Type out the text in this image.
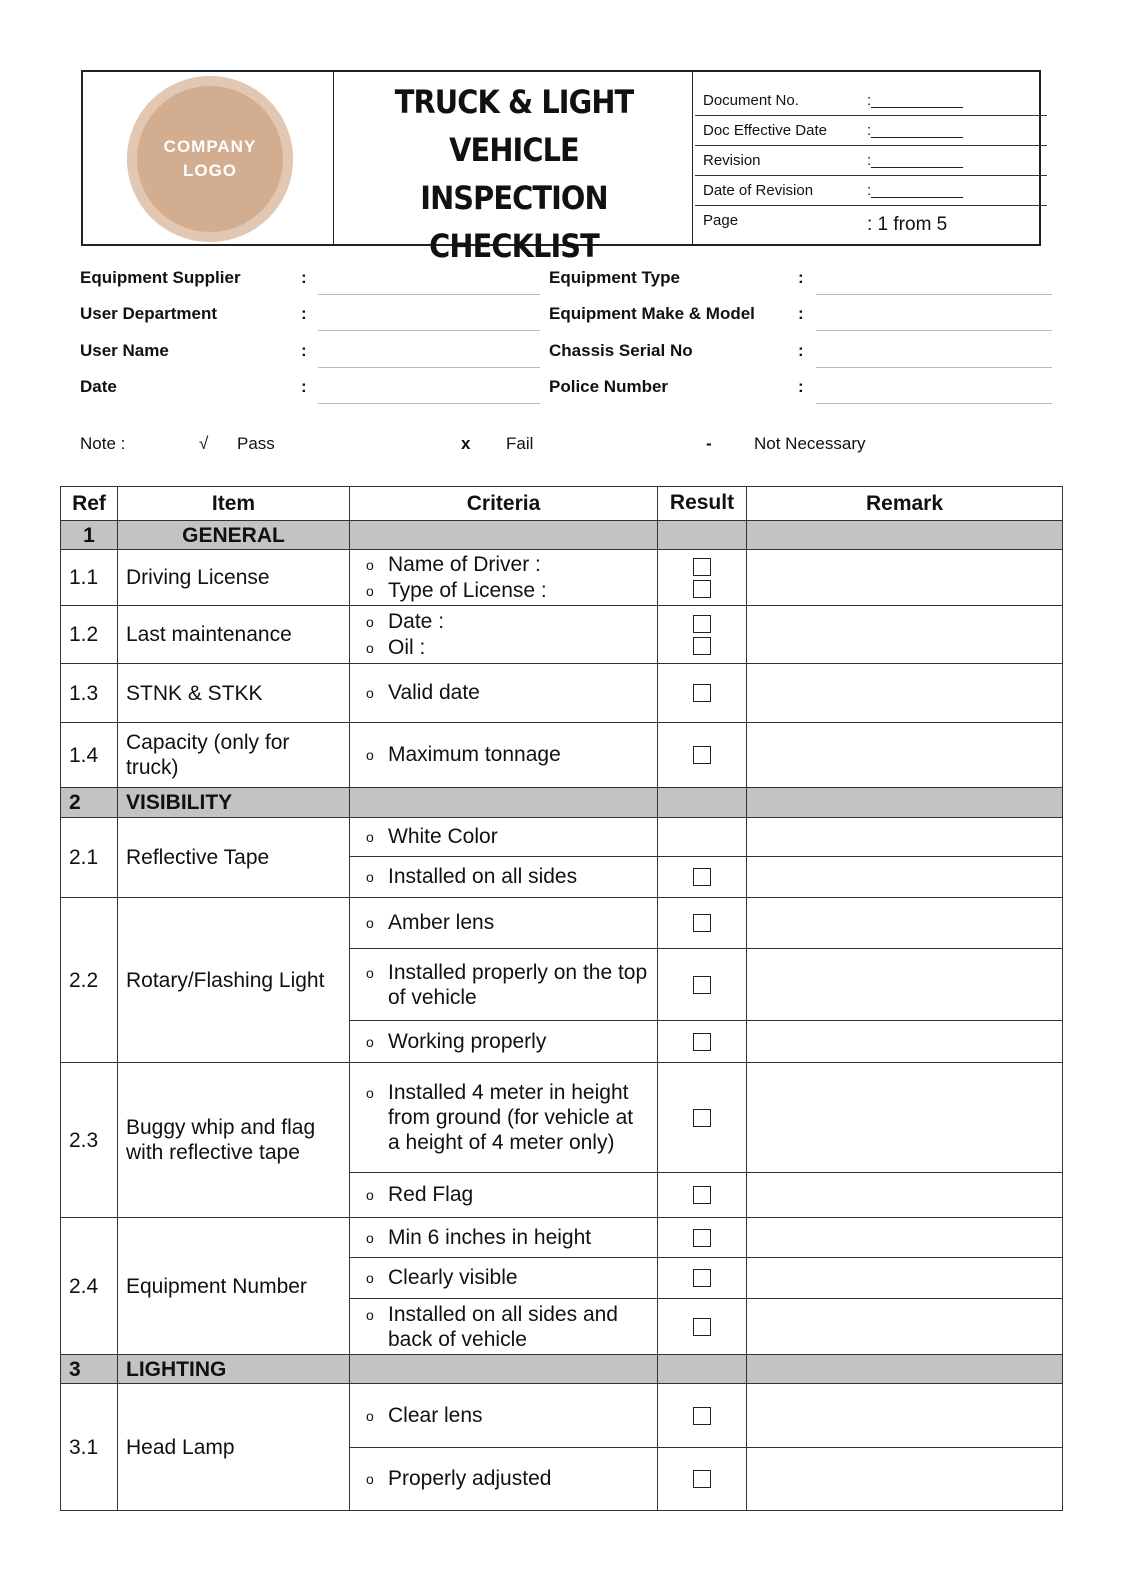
COMPANY
LOGO
TRUCK & LIGHT
VEHICLE INSPECTION
CHECKLIST
Document No.	:___________
Doc Effective Date	:___________
Revision	:___________
Date of Revision	:___________
Page	: 1 from 5
Equipment Supplier	:
User Department	:
User Name	:
Date	:
Equipment Type	:
Equipment Make & Model	:
Chassis Serial No	:
Police Number	:
Note :	√ Pass	x Fail	- Not Necessary
Ref	Item	Criteria	Result	Remark
1	GENERAL			
1.1	Driving License	o Name of Driver :
o Type of License :		

1.2	Last maintenance	o Date :
o Oil :		

1.3	STNK & STKK	o Valid date		

1.4	Capacity (only for truck)	o Maximum tonnage		

2	VISIBILITY			
2.1	Reflective Tape	o White Color		

		o Installed on all sides		

2.2	Rotary/Flashing Light	o Amber lens		

		o Installed properly on the top of vehicle		

		o Working properly		

2.3	Buggy whip and flag with reflective tape	o Installed 4 meter in height from ground (for vehicle at a height of 4 meter only)		

		o Red Flag		

2.4	Equipment Number	o Min 6 inches in height		

		o Clearly visible		

		o Installed on all sides and back of vehicle		

3	LIGHTING			
3.1	Head Lamp	o Clear lens		

		o Properly adjusted		
